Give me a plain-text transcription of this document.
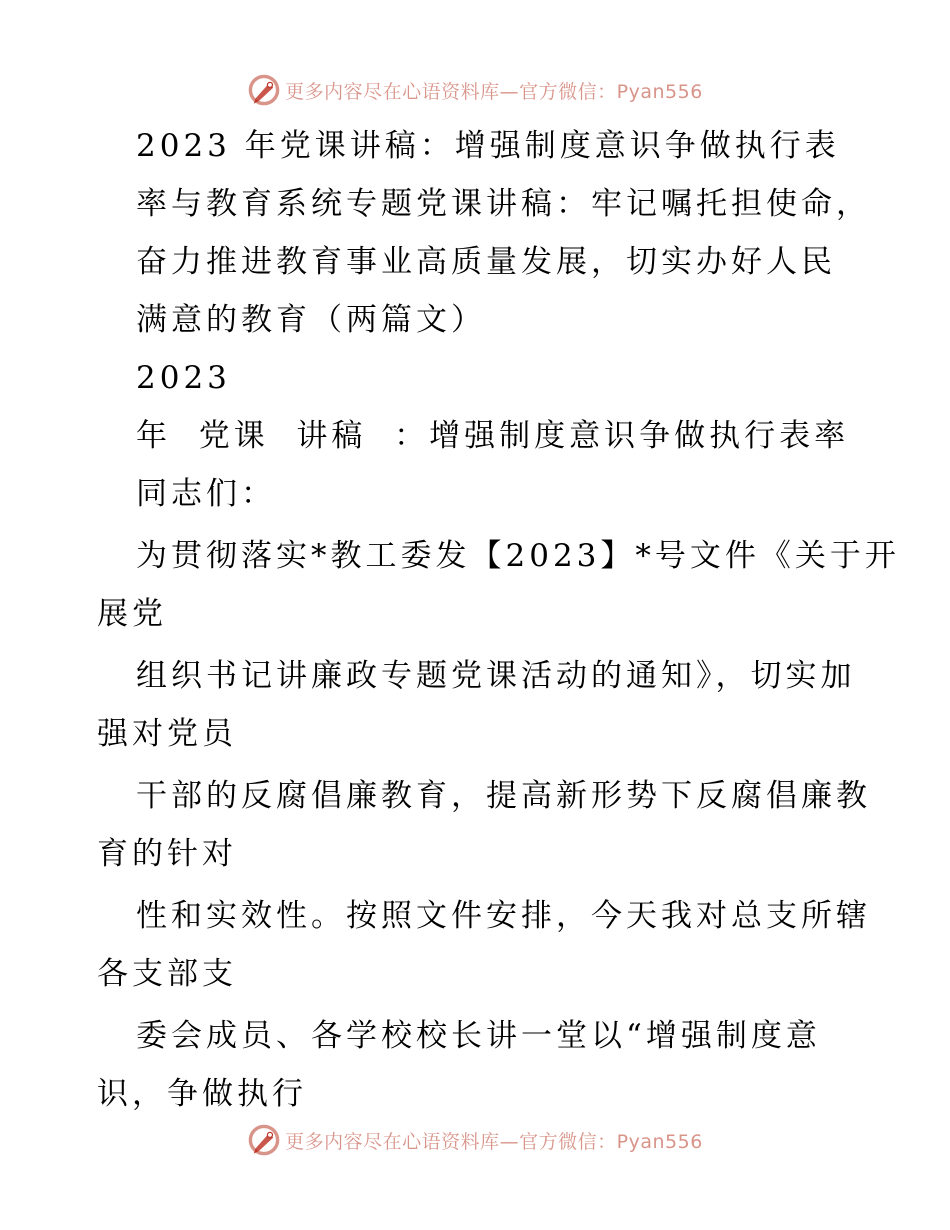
更多内容尽在心语资料库—官方微信：Pyan556
2023 年党课讲稿：增强制度意识争做执行表
率与教育系统专题党课讲稿：牢记嘱托担使命，
奋力推进教育事业高质量发展，切实办好人民
满意的教育（两篇文）
2023
年  党课  讲稿  ：增强制度意识争做执行表率
同志们：
为贯彻落实*教工委发【2023】*号文件《关于开
展党
组织书记讲廉政专题党课活动的通知》，切实加
强对党员
干部的反腐倡廉教育，提高新形势下反腐倡廉教
育的针对
性和实效性。按照文件安排，今天我对总支所辖
各支部支
委会成员、各学校校长讲一堂以“增强制度意
识，争做执行
更多内容尽在心语资料库—官方微信：Pyan556
